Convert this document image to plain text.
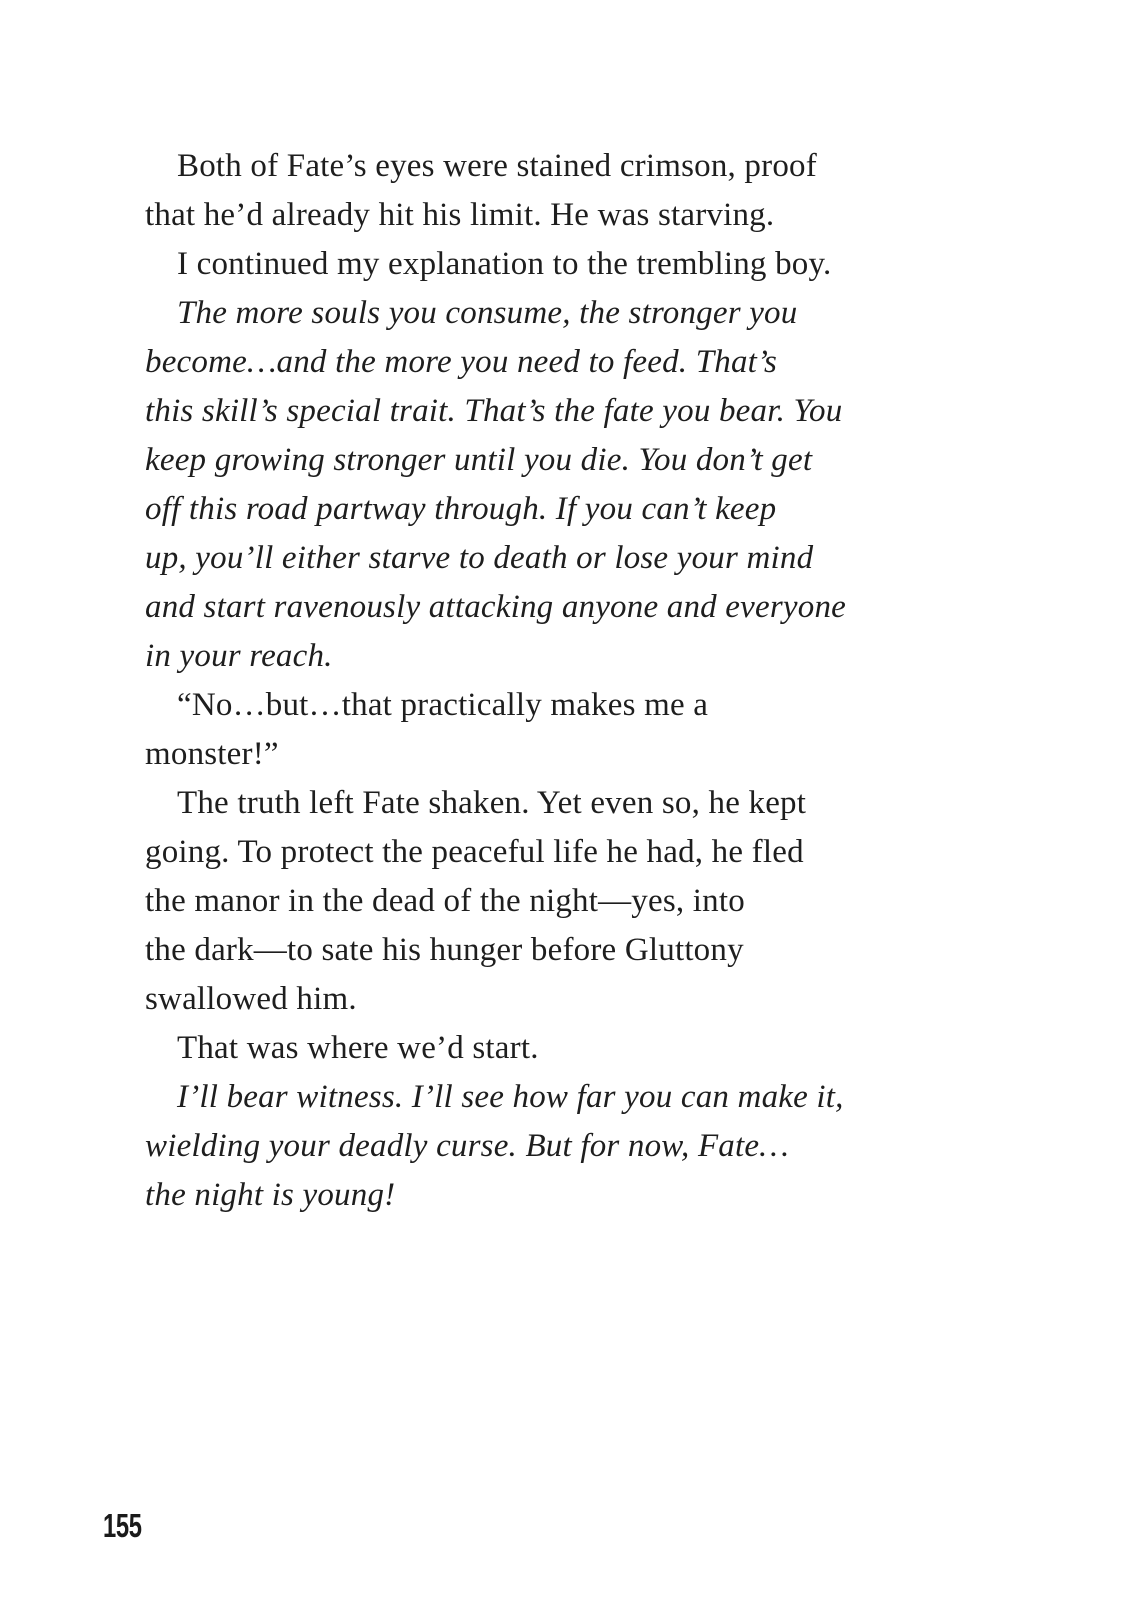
Both of Fate’s eyes were stained crimson, proof
that he’d already hit his limit. He was starving.

I continued my explanation to the trembling boy.

The more souls you consume, the stronger you
become…and the more you need to feed. That’s
this skill’s special trait. That’s the fate you bear. You
keep growing stronger until you die. You don’t get
off this road partway through. If you can’t keep
up, you’ll either starve to death or lose your mind
and start ravenously attacking anyone and everyone
in your reach.

“No…but…that practically makes me a
monster!”

The truth left Fate shaken. Yet even so, he kept
going. To protect the peaceful life he had, he fled
the manor in the dead of the night—yes, into
the dark—to sate his hunger before Gluttony
swallowed him.

That was where we’d start.

I’ll bear witness. I’ll see how far you can make it,
wielding your deadly curse. But for now, Fate…
the night is young!

155
